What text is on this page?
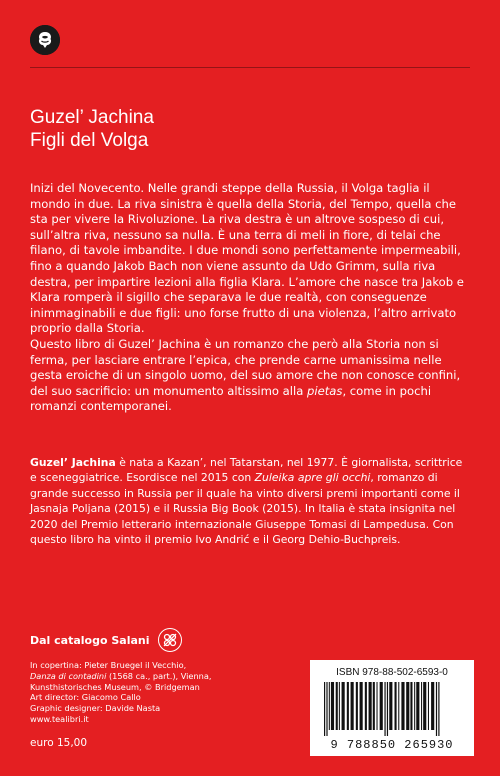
Guzel’ Jachina
Figli del Volga

Inizi del Novecento. Nelle grandi steppe della Russia, il Volga taglia il mondo in due. La riva sinistra è quella della Storia, del Tempo, quella che sta per vivere la Rivoluzione. La riva destra è un altrove sospeso di cui, sull’altra riva, nessuno sa nulla. È una terra di meli in fiore, di telai che filano, di tavole imbandite. I due mondi sono perfettamente impermeabili, fino a quando Jakob Bach non viene assunto da Udo Grimm, sulla riva destra, per impartire lezioni alla figlia Klara. L’amore che nasce tra Jakob e Klara romperà il sigillo che separava le due realtà, con conseguenze inimmaginabili e due figli: uno forse frutto di una violenza, l’altro arrivato proprio dalla Storia.

Questo libro di Guzel’ Jachina è un romanzo che però alla Storia non si ferma, per lasciare entrare l’epica, che prende carne umanissima nelle gesta eroiche di un singolo uomo, del suo amore che non conosce confini, del suo sacrificio: un monumento altissimo alla pietas, come in pochi romanzi contemporanei.

Guzel’ Jachina è nata a Kazan’, nel Tatarstan, nel 1977. È giornalista, scrittrice e sceneggiatrice. Esordisce nel 2015 con Zuleika apre gli occhi, romanzo di grande successo in Russia per il quale ha vinto diversi premi importanti come il Jasnaja Poljana (2015) e il Russia Big Book (2015). In Italia è stata insignita nel 2020 del Premio letterario internazionale Giuseppe Tomasi di Lampedusa. Con questo libro ha vinto il premio Ivo Andrić e il Georg Dehio-Buchpreis.

Dal catalogo Salani
In copertina: Pieter Bruegel il Vecchio,
Danza di contadini (1568 ca., part.), Vienna,
Kunsthistorisches Museum, © Bridgeman
Art director: Giacomo Callo
Graphic designer: Davide Nasta
www.tealibri.it
euro 15,00
ISBN 978-88-502-6593-0
9 788850 265930
